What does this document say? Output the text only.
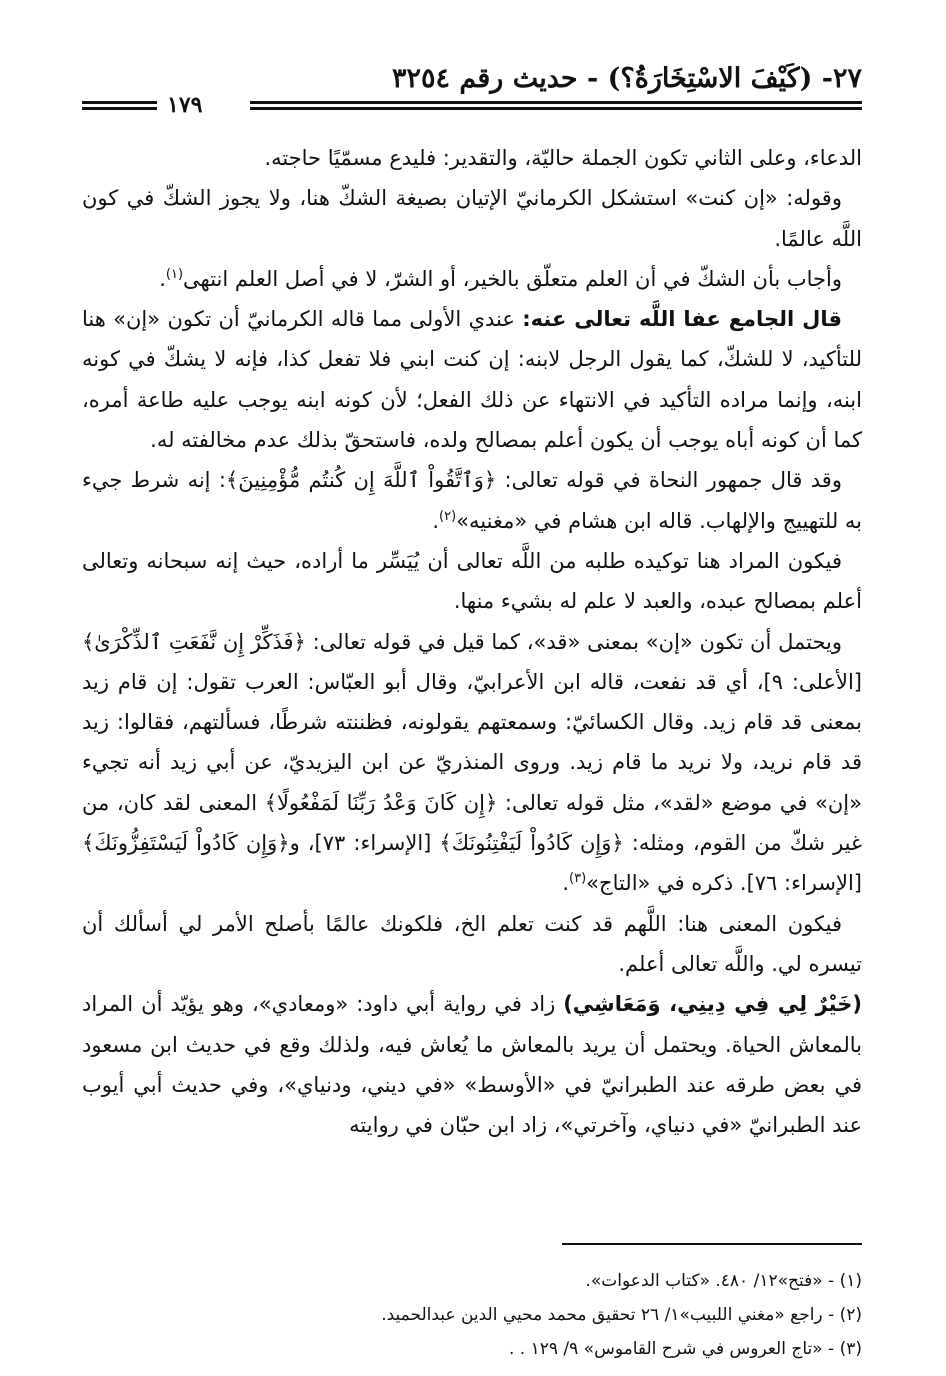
٢٧- (كَيْفَ الاسْتِخَارَةُ؟) - حديث رقم ٣٢٥٤
١٧٩

الدعاء، وعلى الثاني تكون الجملة حاليّة، والتقدير: فليدع مسمّيًا حاجته.

وقوله: «إن كنت» استشكل الكرمانيّ الإتيان بصيغة الشكّ هنا، ولا يجوز الشكّ في كون اللَّه عالمًا.

وأجاب بأن الشكّ في أن العلم متعلّق بالخير، أو الشرّ، لا في أصل العلم انتهى$^{(١)}$.

قال الجامع عفا اللَّه تعالى عنه: عندي الأولى مما قاله الكرمانيّ أن تكون «إن» هنا للتأكيد، لا للشكّ، كما يقول الرجل لابنه: إن كنت ابني فلا تفعل كذا، فإنه لا يشكّ في كونه ابنه، وإنما مراده التأكيد في الانتهاء عن ذلك الفعل؛ لأن كونه ابنه يوجب عليه طاعة أمره، كما أن كونه أباه يوجب أن يكون أعلم بمصالح ولده، فاستحقّ بذلك عدم مخالفته له.

وقد قال جمهور النحاة في قوله تعالى: ﴿وَٱتَّقُواْ ٱللَّهَ إِن كُنتُم مُّؤْمِنِينَ﴾: إنه شرط جيء به للتهييج والإلهاب. قاله ابن هشام في «مغنيه»$^{(٢)}$.

فيكون المراد هنا توكيده طلبه من اللَّه تعالى أن يُيَسِّر ما أراده، حيث إنه سبحانه وتعالى أعلم بمصالح عبده، والعبد لا علم له بشيء منها.

ويحتمل أن تكون «إن» بمعنى «قد»، كما قيل في قوله تعالى: ﴿فَذَكِّرْ إِن نَّفَعَتِ ٱلذِّكْرَىٰ﴾ [الأعلى: ٩]، أي قد نفعت، قاله ابن الأعرابيّ، وقال أبو العبّاس: العرب تقول: إن قام زيد بمعنى قد قام زيد. وقال الكسائيّ: وسمعتهم يقولونه، فظننته شرطًا، فسألتهم، فقالوا: زيد قد قام نريد، ولا نريد ما قام زيد. وروى المنذريّ عن ابن اليزيديّ، عن أبي زيد أنه تجيء «إن» في موضع «لقد»، مثل قوله تعالى: ﴿إِن كَانَ وَعْدُ رَبِّنَا لَمَفْعُولًا﴾ المعنى لقد كان، من غير شكّ من القوم، ومثله: ﴿وَإِن كَادُواْ لَيَفْتِنُونَكَ﴾ [الإسراء: ٧٣]، و﴿وَإِن كَادُواْ لَيَسْتَفِزُّونَكَ﴾ [الإسراء: ٧٦]. ذكره في «التاج»$^{(٣)}$.

فيكون المعنى هنا: اللَّهم قد كنت تعلم الخ، فلكونك عالمًا بأصلح الأمر لي أسألك أن تيسره لي. واللَّه تعالى أعلم.

(خَيْرٌ لِي فِي دِينِي، وَمَعَاشِي) زاد في رواية أبي داود: «ومعادي»، وهو يؤيّد أن المراد بالمعاش الحياة. ويحتمل أن يريد بالمعاش ما يُعاش فيه، ولذلك وقع في حديث ابن مسعود في بعض طرقه عند الطبرانيّ في «الأوسط» «في ديني، ودنياي»، وفي حديث أبي أيوب عند الطبرانيّ «في دنياي، وآخرتي»، زاد ابن حبّان في روايته

(١) - «فتح»١٢/ ٤٨٠. «كتاب الدعوات».
(٢) - راجع «مغني اللبيب»١/ ٢٦ تحقيق محمد محيي الدين عبدالحميد.
(٣) - «تاج العروس في شرح القاموس» ٩/ ١٢٩ . .
